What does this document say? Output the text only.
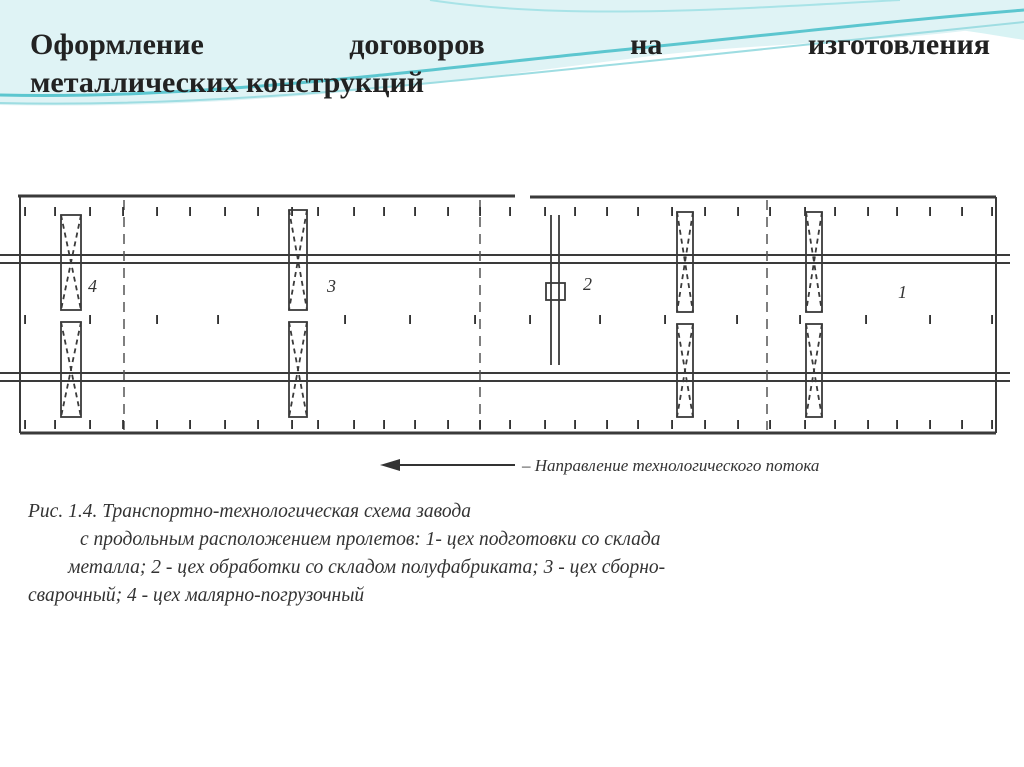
Оформление договоров на изготовления
металлических конструкций
I
I
I
I
I
I
I
I
I
I
I
I
I
I
I
I
I
I
I
I
I
I
I
I
I
I
I
I
I
I
I
I
I
I
I
I
I
I
I
I
I
I
I
I
I
I
I
I
I
I
I
I
I
I
I
I
I
I
I
I
I
I
I	I	I	I	I	I	I	I	I	I	I	I	I	I	I
4	3	2	1
– Направление технологического потока
Рис. 1.4. Транспортно-технологическая схема завода
с продольным расположением пролетов: 1- цех подготовки со склада
металла; 2 - цех обработки со складом полуфабриката; 3 - цех сборно-
сварочный; 4 - цех малярно-погрузочный
